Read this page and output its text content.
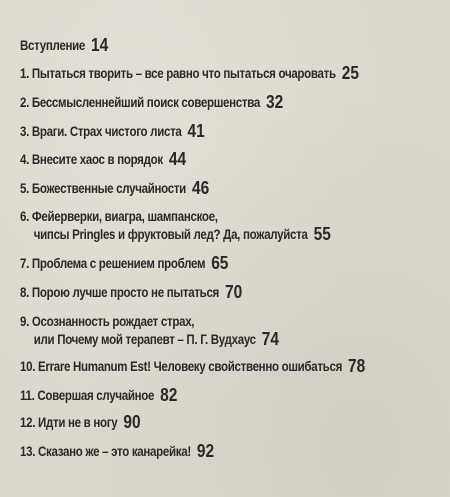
Вступление 14
1. Пытаться творить – все равно что пытаться очаровать 25
2. Бессмысленнейший поиск совершенства 32
3. Враги. Страх чистого листа 41
4. Внесите хаос в порядок 44
5. Божественные случайности 46
6. Фейерверки, виагра, шампанское,
чипсы Pringles и фруктовый лед? Да, пожалуйста 55
7. Проблема с решением проблем 65
8. Порою лучше просто не пытаться 70
9. Осознанность рождает страх,
или Почему мой терапевт – П. Г. Вудхаус 74
10. Errare Humanum Est! Человеку свойственно ошибаться 78
11. Совершая случайное 82
12. Идти не в ногу 90
13. Сказано же – это канарейка! 92
